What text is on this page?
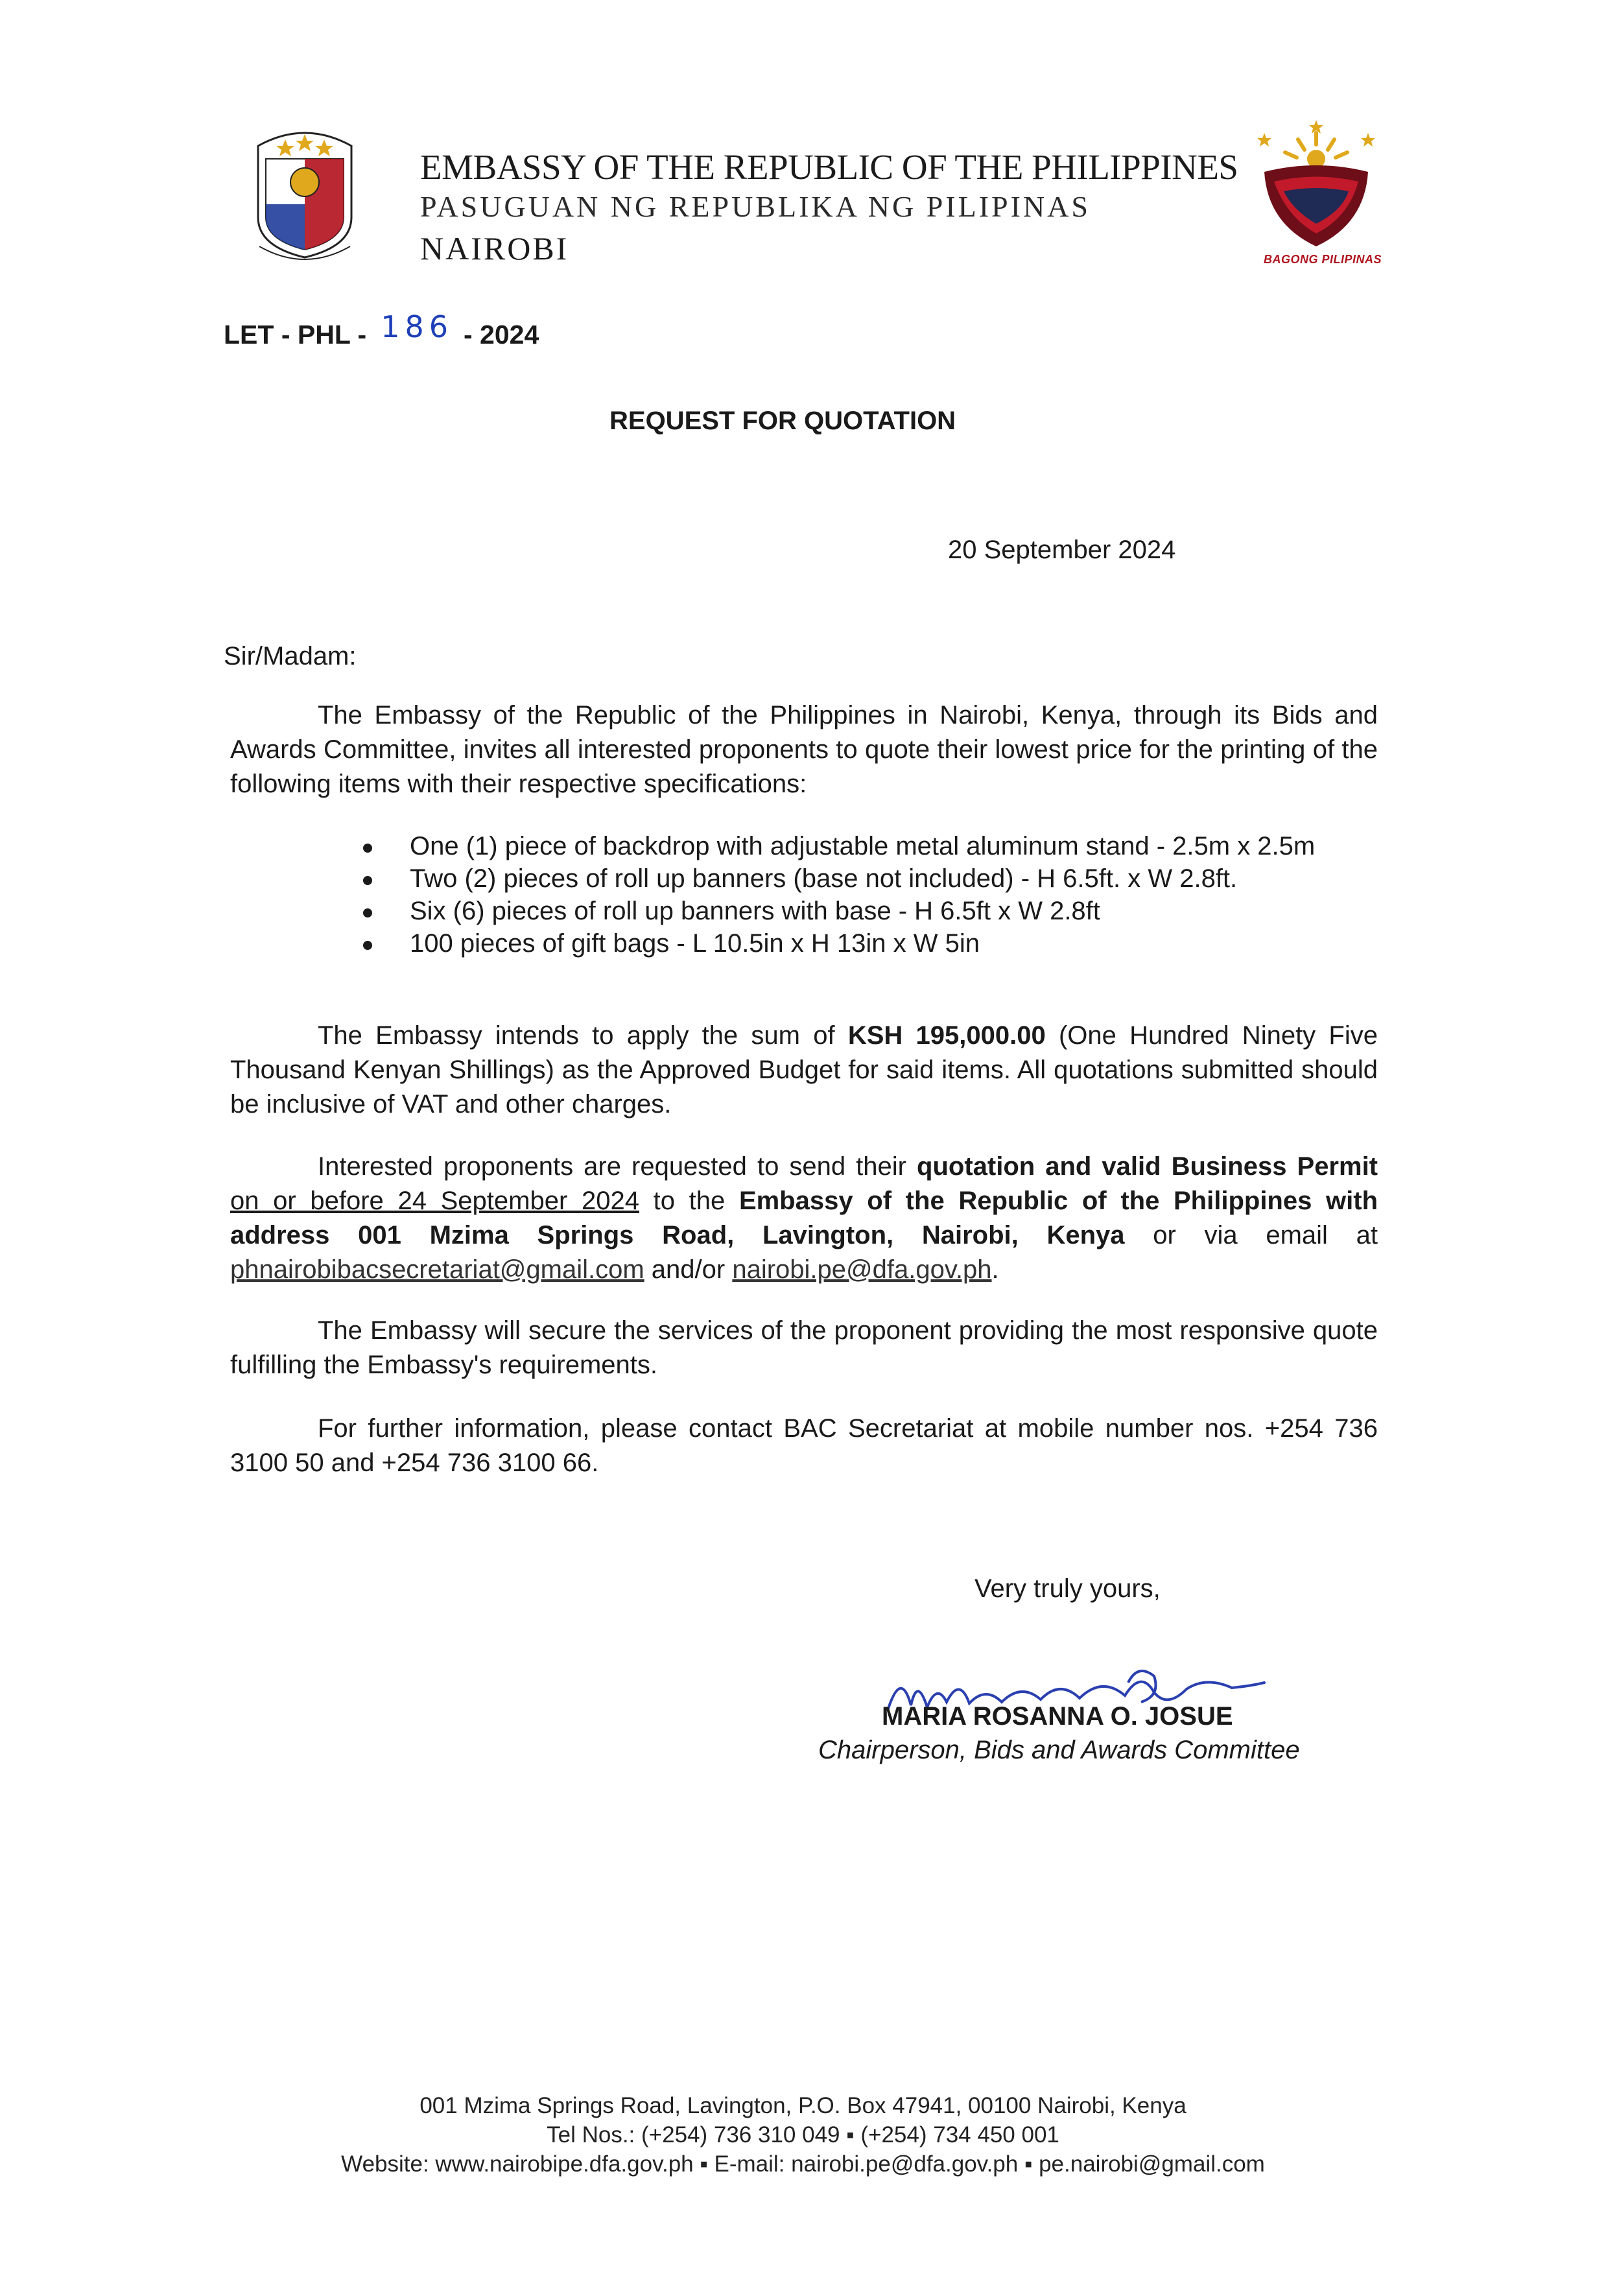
EMBASSY OF THE REPUBLIC OF THE PHILIPPINES
PASUGUAN NG REPUBLIKA NG PILIPINAS
NAIROBI	BAGONG PILIPINAS
LET - PHL - 186 - 2024
REQUEST FOR QUOTATION
20 September 2024
Sir/Madam:

The Embassy of the Republic of the Philippines in Nairobi, Kenya, through its Bids and Awards Committee, invites all interested proponents to quote their lowest price for the printing of the following items with their respective specifications:

One (1) piece of backdrop with adjustable metal aluminum stand - 2.5m x 2.5m
Two (2) pieces of roll up banners (base not included) - H 6.5ft. x W 2.8ft.
Six (6) pieces of roll up banners with base - H 6.5ft x W 2.8ft
100 pieces of gift bags - L 10.5in x H 13in x W 5in

The Embassy intends to apply the sum of KSH 195,000.00 (One Hundred Ninety Five Thousand Kenyan Shillings) as the Approved Budget for said items. All quotations submitted should be inclusive of VAT and other charges.

Interested proponents are requested to send their quotation and valid Business Permit on or before 24 September 2024 to the Embassy of the Republic of the Philippines with address 001 Mzima Springs Road, Lavington, Nairobi, Kenya or via email at phnairobibacsecretariat@gmail.com and/or nairobi.pe@dfa.gov.ph.

The Embassy will secure the services of the proponent providing the most responsive quote fulfilling the Embassy's requirements.

For further information, please contact BAC Secretariat at mobile number nos. +254 736 3100 50 and +254 736 3100 66.

Very truly yours,
MARIA ROSANNA O. JOSUE
Chairperson, Bids and Awards Committee
001 Mzima Springs Road, Lavington, P.O. Box 47941, 00100 Nairobi, Kenya
Tel Nos.: (+254) 736 310 049 ▪ (+254) 734 450 001
Website: www.nairobipe.dfa.gov.ph ▪ E-mail: nairobi.pe@dfa.gov.ph ▪ pe.nairobi@gmail.com
